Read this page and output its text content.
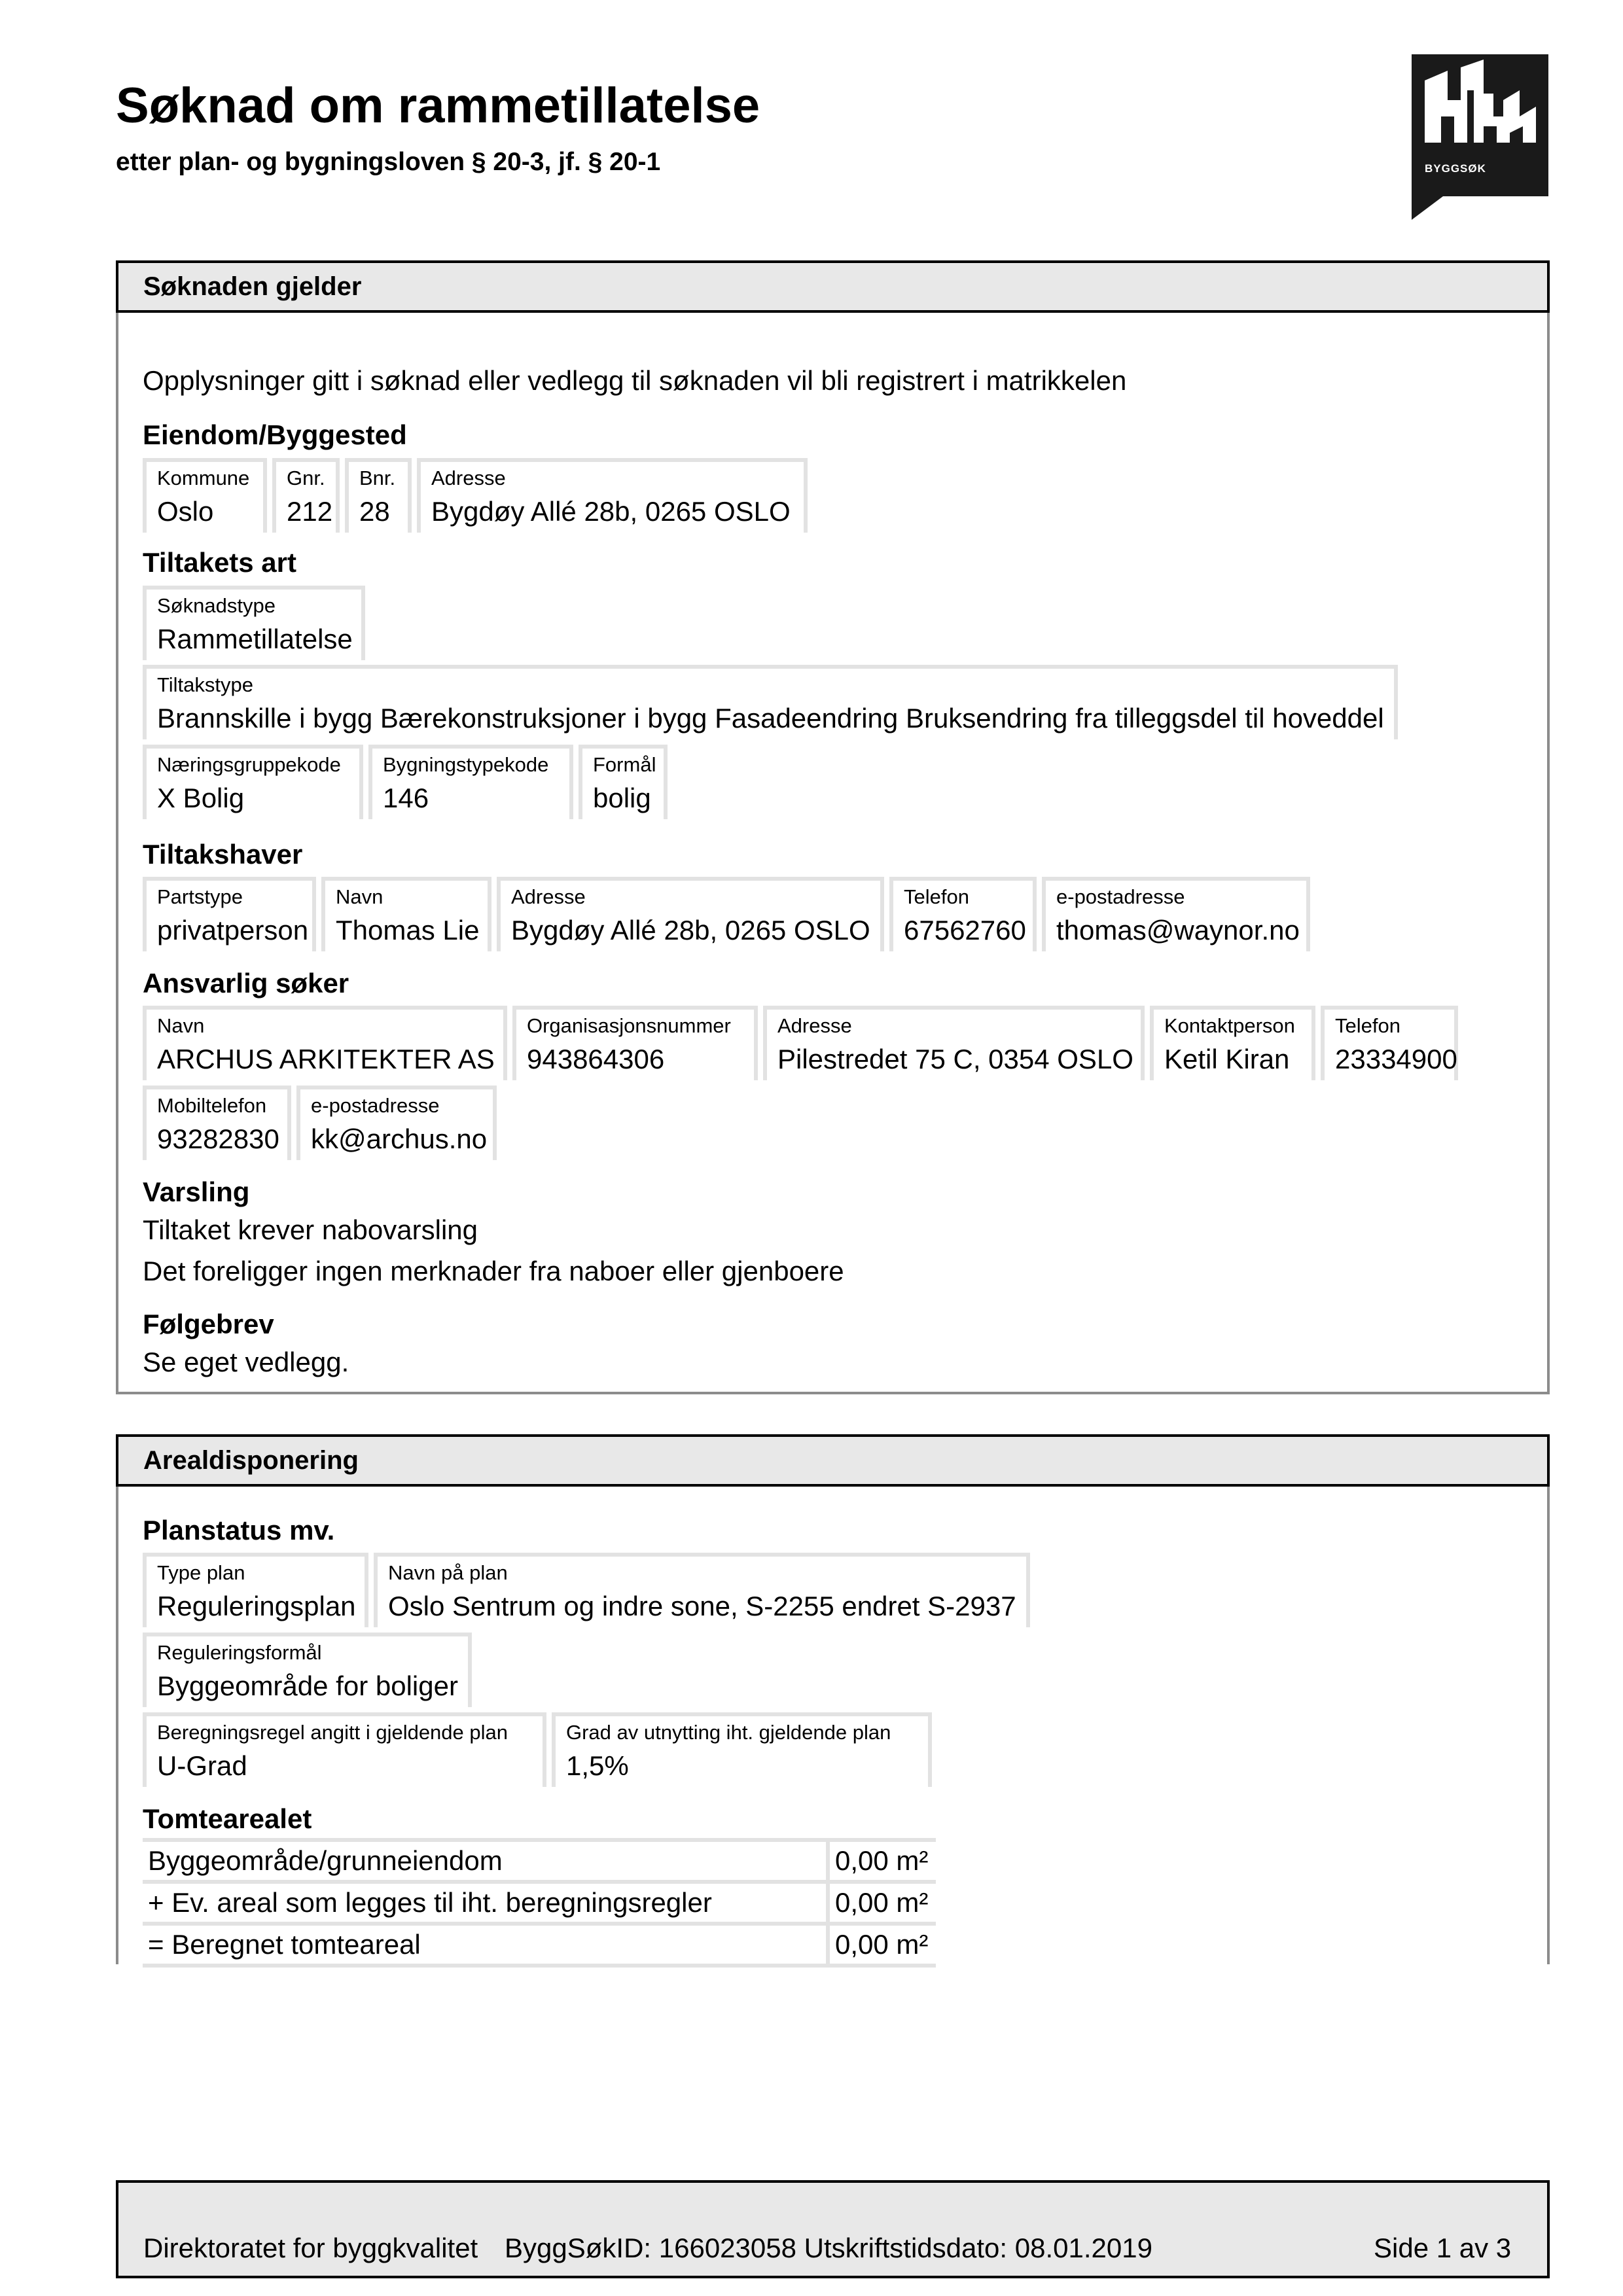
Søknad om rammetillatelse
etter plan- og bygningsloven § 20-3, jf. § 20-1	BYGGSØK
Søknaden gjelder
Opplysninger gitt i søknad eller vedlegg til søknaden vil bli registrert i matrikkelen
Eiendom/Byggested
Kommune
Oslo
Gnr.
212
Bnr.
28
Adresse
Bygdøy Allé 28b, 0265 OSLO
Tiltakets art
Søknadstype
Rammetillatelse
Tiltakstype
Brannskille i bygg Bærekonstruksjoner i bygg Fasadeendring Bruksendring fra tilleggsdel til hoveddel
Næringsgruppekode
X Bolig
Bygningstypekode
146
Formål
bolig
Tiltakshaver
Partstype
privatperson
Navn
Thomas Lie
Adresse
Bygdøy Allé 28b, 0265 OSLO
Telefon
67562760
e-postadresse
thomas@waynor.no
Ansvarlig søker
Navn
ARCHUS ARKITEKTER AS
Organisasjonsnummer
943864306
Adresse
Pilestredet 75 C, 0354 OSLO
Kontaktperson
Ketil Kiran
Telefon
23334900
Mobiltelefon
93282830
e-postadresse
kk@archus.no
Varsling
Tiltaket krever nabovarsling
Det foreligger ingen merknader fra naboer eller gjenboere
Følgebrev
Se eget vedlegg.
Arealdisponering
Planstatus mv.
Type plan
Reguleringsplan
Navn på plan
Oslo Sentrum og indre sone, S-2255 endret S-2937
Reguleringsformål
Byggeområde for boliger
Beregningsregel angitt i gjeldende plan
U-Grad
Grad av utnytting iht. gjeldende plan
1,5%
Tomtearealet
Byggeområde/grunneiendom	0,00 m²
+ Ev. areal som legges til iht. beregningsregler	0,00 m²
= Beregnet tomteareal	0,00 m²
Direktoratet for byggkvalitet ByggSøkID: 166023058 Utskriftstidsdato: 08.01.2019	Side 1 av 3
